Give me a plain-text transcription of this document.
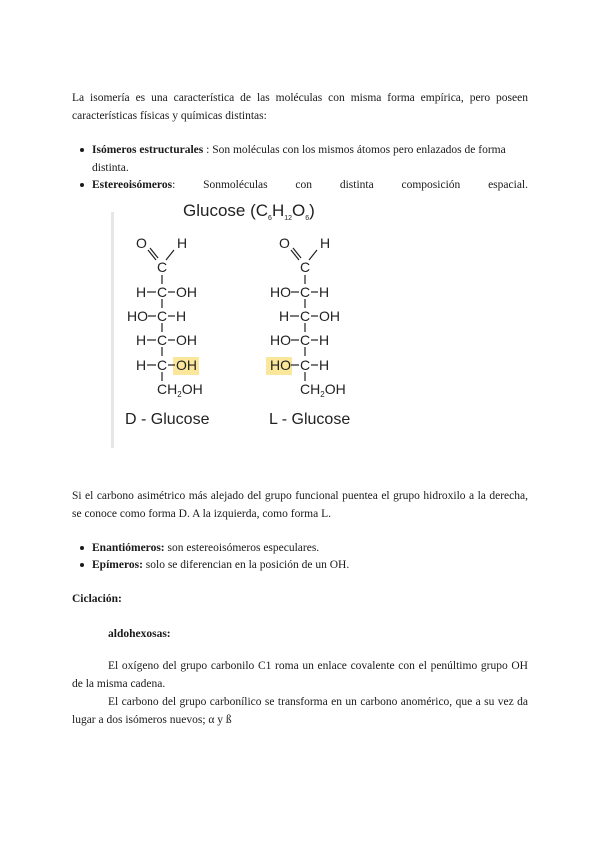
La isomería es una característica de las moléculas con misma forma empírica, pero poseen características físicas y químicas distintas:
Isómeros estructurales : Son moléculas con los mismos átomos pero enlazados de forma distinta.
Estereoisómeros: Sonmoléculas con distinta composición espacial.
Glucose $(C_6H_{12}O_6)$
O H
C
H C OH
HO C H
H C OH
H C OH
$CH_2OH$
O H
C
HO C H
H C OH
HO C H
HO C H
$CH_2OH$
D - Glucose	L - Glucose
Si el carbono asimétrico más alejado del grupo funcional puentea el grupo hidroxilo a la derecha, se conoce como forma D. A la izquierda, como forma L.
Enantiómeros: son estereoisómeros especulares.
Epímeros: solo se diferencian en la posición de un OH.
Ciclación:
aldohexosas:
El oxígeno del grupo carbonilo C1 roma un enlace covalente con el penúltimo grupo OH de la misma cadena.
El carbono del grupo carbonílico se transforma en un carbono anomérico, que a su vez da lugar a dos isómeros nuevos; α y ß
